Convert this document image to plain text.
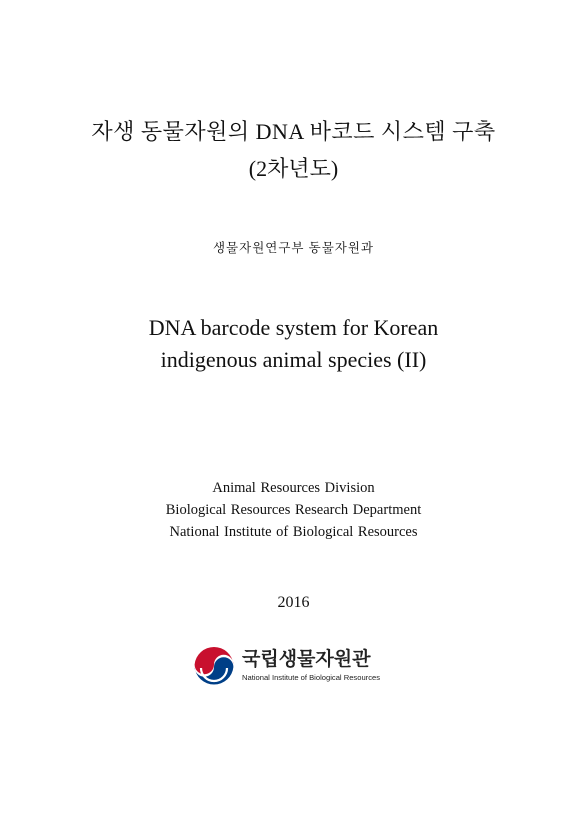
자생 동물자원의 DNA 바코드 시스템 구축
(2차년도)
생물자원연구부 동물자원과
DNA barcode system for Korean
indigenous animal species (II)
Animal Resources Division
Biological Resources Research Department
National Institute of Biological Resources
2016
국립생물자원관
National Institute of Biological Resources
